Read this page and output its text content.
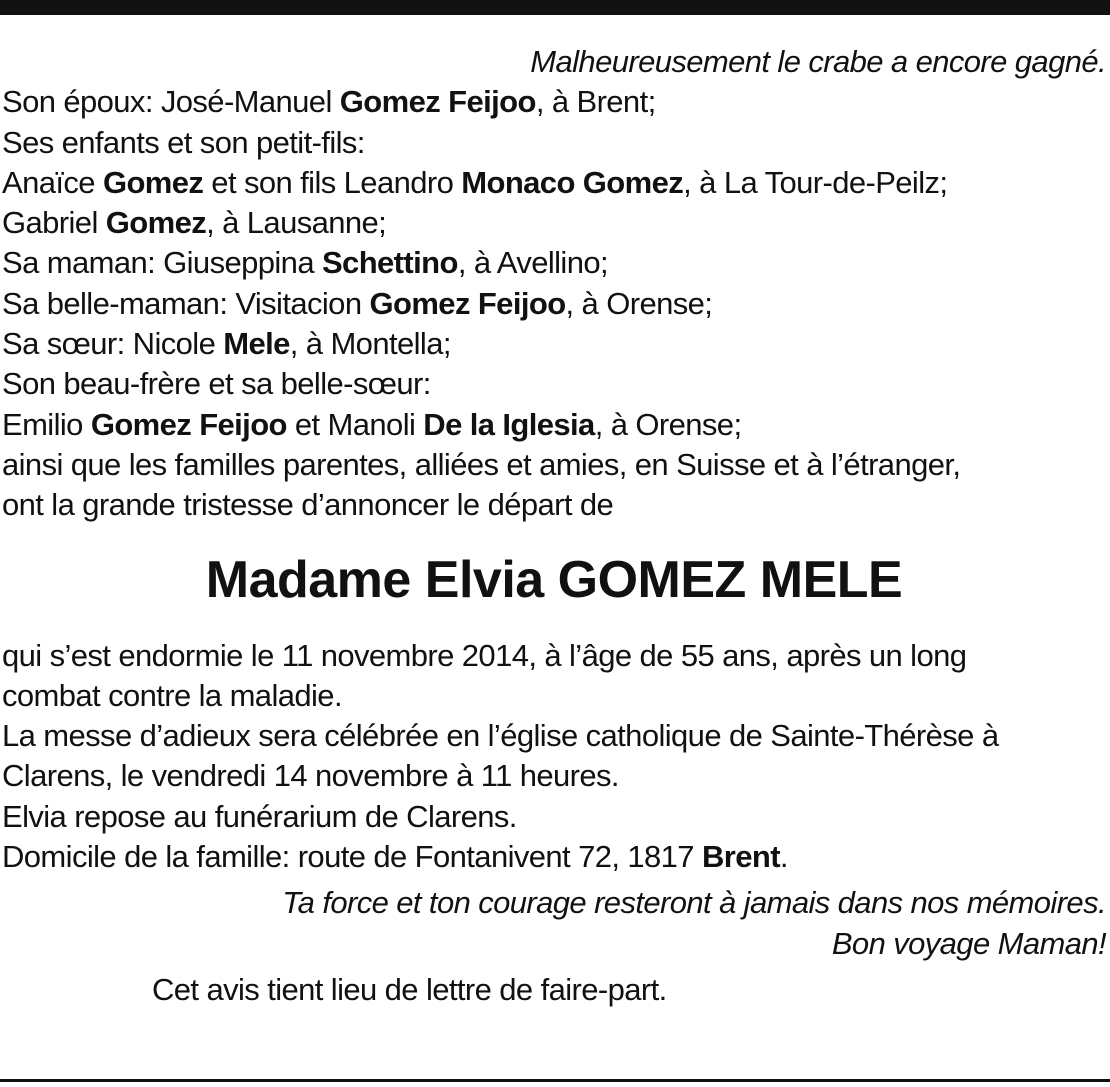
Malheureusement le crabe a encore gagné.
Son époux: José-Manuel Gomez Feijoo, à Brent;
Ses enfants et son petit-fils:
Anaïce Gomez et son fils Leandro Monaco Gomez, à La Tour-de-Peilz;
Gabriel Gomez, à Lausanne;
Sa maman: Giuseppina Schettino, à Avellino;
Sa belle-maman: Visitacion Gomez Feijoo, à Orense;
Sa sœur: Nicole Mele, à Montella;
Son beau-frère et sa belle-sœur:
Emilio Gomez Feijoo et Manoli De la Iglesia, à Orense;
ainsi que les familles parentes, alliées et amies, en Suisse et à l’étranger,
ont la grande tristesse d’annoncer le départ de
Madame Elvia GOMEZ MELE
qui s’est endormie le 11 novembre 2014, à l’âge de 55 ans, après un long
combat contre la maladie.
La messe d’adieux sera célébrée en l’église catholique de Sainte-Thérèse à
Clarens, le vendredi 14 novembre à 11 heures.
Elvia repose au funérarium de Clarens.
Domicile de la famille: route de Fontanivent 72, 1817 Brent.
Ta force et ton courage resteront à jamais dans nos mémoires.
Bon voyage Maman!
Cet avis tient lieu de lettre de faire-part.
